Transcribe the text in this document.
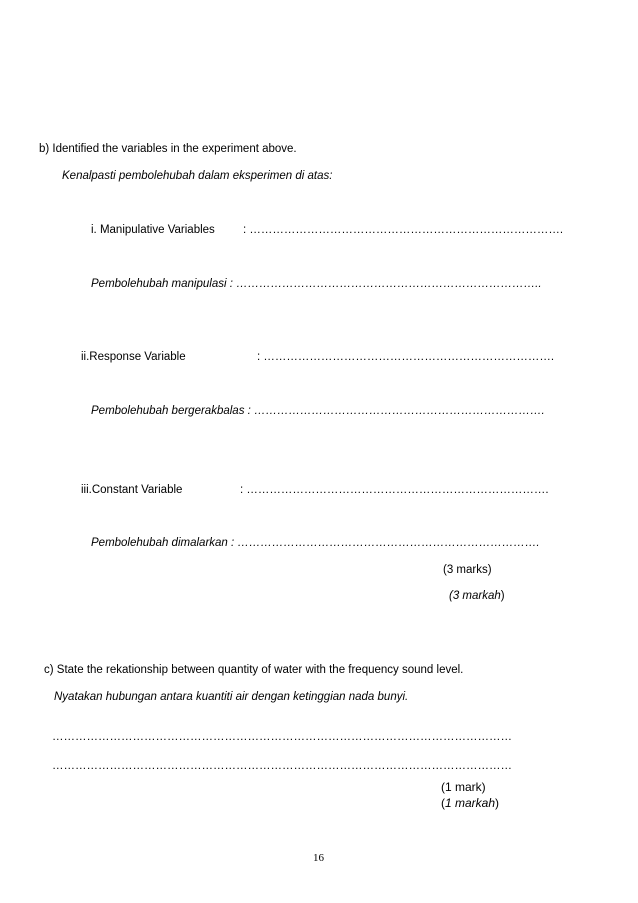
b) Identified the variables in the experiment above.
Kenalpasti pembolehubah dalam eksperimen di atas:
i. Manipulative Variables : ……………………………………………………………………….
Pembolehubah manipulasi : ……………………………………………………………………..
ii.Response Variable	: ………………………………………………………………….
Pembolehubah bergerakbalas : ………………………………………………………………….
iii.Constant Variable	: …………………………………………………………………….
Pembolehubah dimalarkan : …………………………………………………………………….
(3 marks)
(3 markah)
c) State the rekationship between quantity of water with the frequency sound level.
Nyatakan hubungan antara kuantiti air dengan ketinggian nada bunyi.
…………………………………………………………………………………………………………
…………………………………………………………………………………………………………
(1 mark)
(1 markah)
16
